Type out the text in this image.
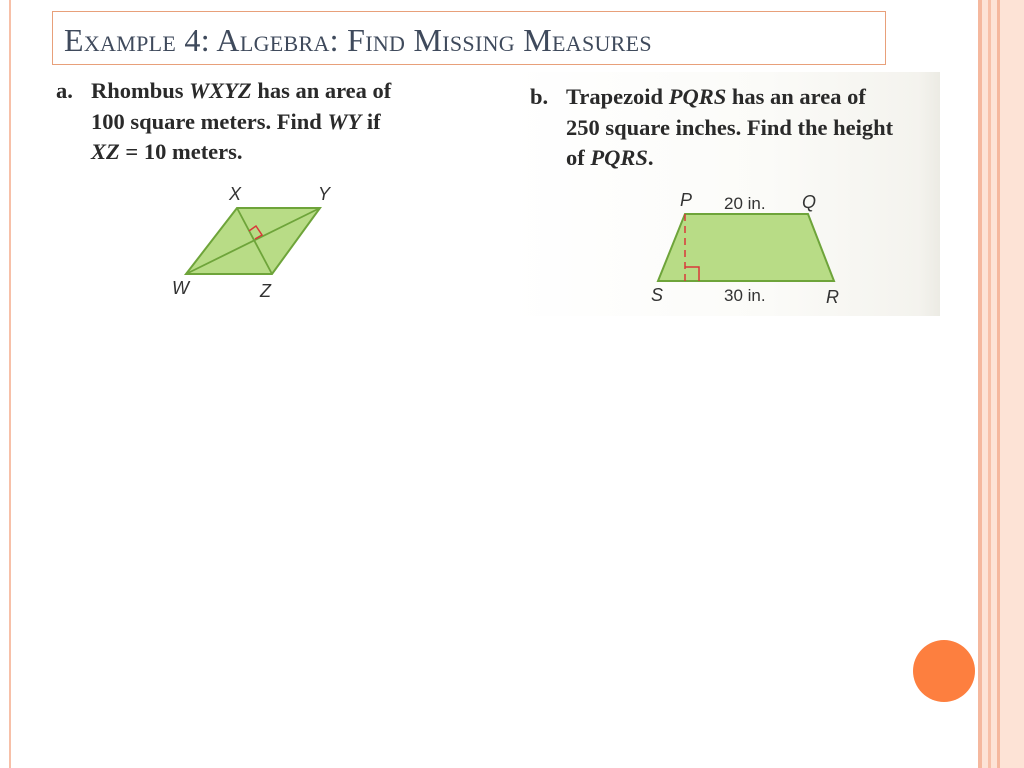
Example 4: Algebra: Find Missing Measures
a. Rhombus WXYZ has an area of
100 square meters. Find WY if
XZ = 10 meters.
X	Y
W	Z
b. Trapezoid PQRS has an area of
250 square inches. Find the height
of PQRS.
P	Q
S	R
20 in.
30 in.
